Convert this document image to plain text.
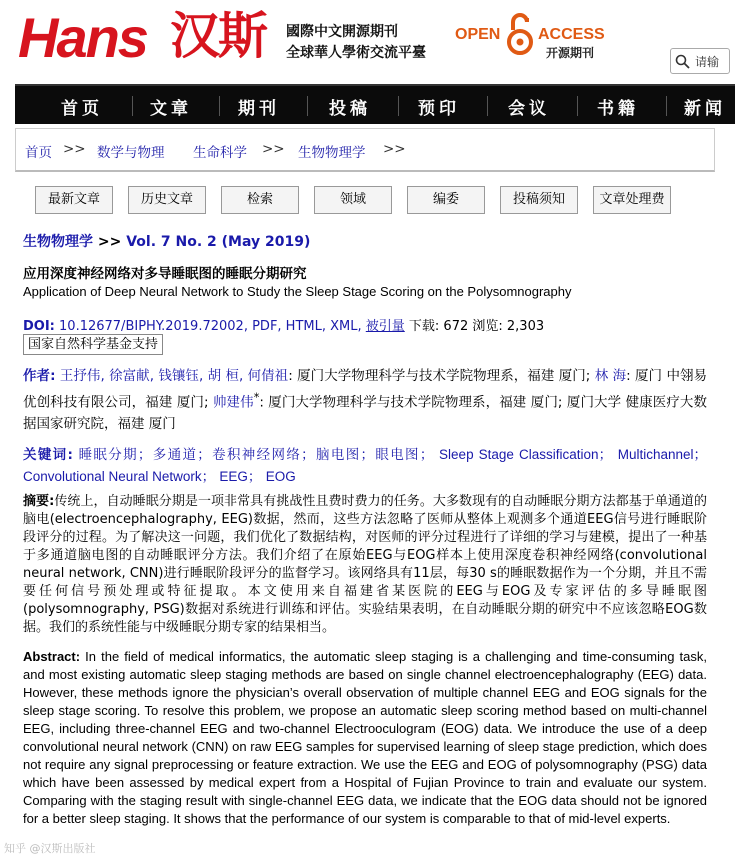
Hans 汉斯 國際中文開源期刊
全球華人學術交流平臺
OPEN ACCESS
开源期刊
请输
首页	文章	期刊	投稿	预印	会议	书籍	新闻
首页 >> 数学与物理 生命科学 >> 生物物理学 >>
最新文章	历史文章	检索	领域	编委	投稿须知	文章处理费
生物物理学 >> Vol. 7 No. 2 (May 2019)
应用深度神经网络对多导睡眠图的睡眠分期研究
Application of Deep Neural Network to Study the Sleep Stage Scoring on the Polysomnography
DOI: 10.12677/BIPHY.2019.72002, PDF, HTML, XML, 被引量 下载: 672 浏览: 2,303
国家自然科学基金支持
作者: 王抒伟, 徐富献, 钱镶钰, 胡 桓, 何倩祖: 厦门大学物理科学与技术学院物理系，福建 厦门; 林 海: 厦门 中翎易优创科技有限公司，福建 厦门; 帅建伟*: 厦门大学物理科学与技术学院物理系，福建 厦门; 厦门大学 健康医疗大数据国家研究院，福建 厦门
关键词: 睡眠分期；多通道；卷积神经网络；脑电图；眼电图； Sleep Stage Classification； Multichannel； Convolutional Neural Network； EEG； EOG
摘要:传统上，自动睡眠分期是一项非常具有挑战性且费时费力的任务。大多数现有的自动睡眠分期方法都基于单通道的脑电(electroencephalography, EEG)数据，然而，这些方法忽略了医师从整体上观测多个通道EEG信号进行睡眠阶段评分的过程。为了解决这一问题，我们优化了数据结构，对医师的评分过程进行了详细的学习与建模，提出了一种基于多通道脑电图的自动睡眠评分方法。我们介绍了在原始EEG与EOG样本上使用深度卷积神经网络(convolutional neural network, CNN)进行睡眠阶段评分的监督学习。该网络具有11层，每30 s的睡眠数据作为一个分期，并且不需要任何信号预处理或特征提取。本文使用来自福建省某医院的EEG与EOG及专家评估的多导睡眠图(polysomnography, PSG)数据对系统进行训练和评估。实验结果表明，在自动睡眠分期的研究中不应该忽略EOG数据。我们的系统性能与中级睡眠分期专家的结果相当。
Abstract: In the field of medical informatics, the automatic sleep staging is a challenging and time-consuming task, and most existing automatic sleep staging methods are based on single channel electroencephalography (EEG) data. However, these methods ignore the physician’s overall observation of multiple channel EEG and EOG signals for the sleep stage scoring. To resolve this problem, we propose an automatic sleep scoring method based on multi-channel EEG, including three-channel EEG and two-channel Electrooculogram (EOG) data. We introduce the use of a deep convolutional neural network (CNN) on raw EEG samples for supervised learning of sleep stage prediction, which does not require any signal preprocessing or feature extraction. We use the EEG and EOG of polysomnography (PSG) data which have been assessed by medical expert from a Hospital of Fujian Province to train and evaluate our system. Comparing with the staging result with single-channel EEG data, we indicate that the EOG data should not be ignored for a better sleep staging. It shows that the performance of our system is comparable to that of mid-level experts.
知乎 @汉斯出版社
